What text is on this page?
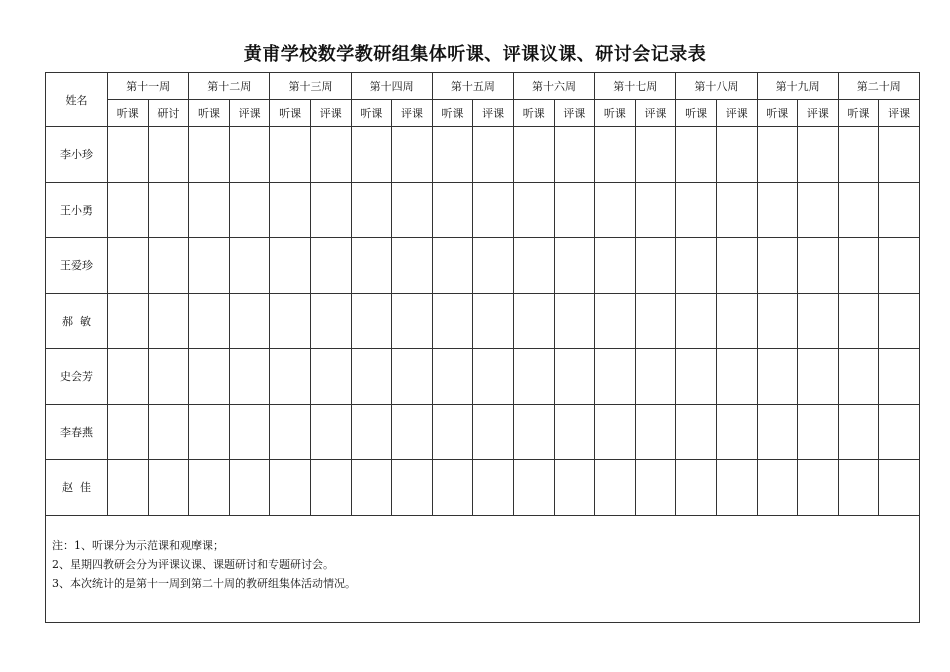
黄甫学校数学教研组集体听课、评课议课、研讨会记录表
姓名	第十一周		第十二周		第十三周		第十四周		第十五周		第十六周		第十七周		第十八周		第十九周		第二十周	
	听课	研讨	听课	评课	听课	评课	听课	评课	听课	评课	听课	评课	听课	评课	听课	评课	听课	评课	听课	评课
李小珍																				
王小勇																				
王爱珍																				
郝  敏																				
史会芳																				
李春燕																				
赵  佳																				

注：1、听课分为示范课和观摩课；
2、星期四教研会分为评课议课、课题研讨和专题研讨会。
3、本次统计的是第十一周到第二十周的教研组集体活动情况。																				
